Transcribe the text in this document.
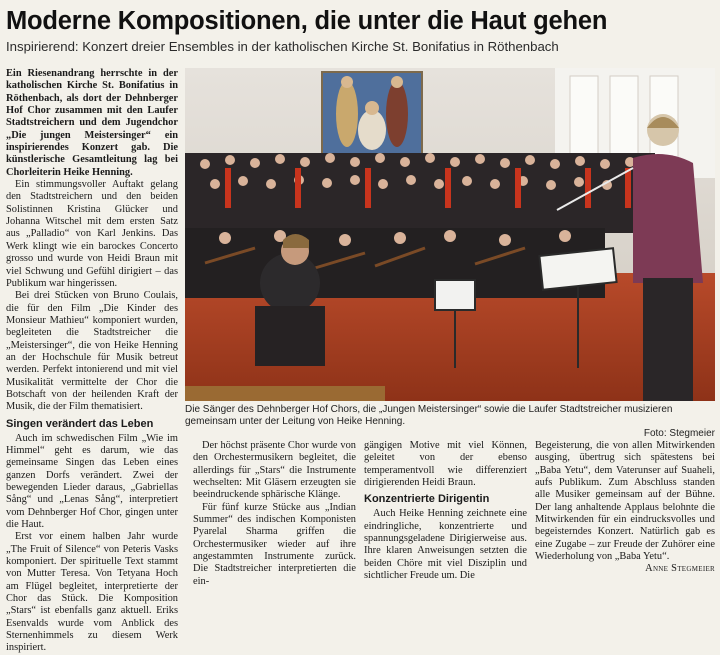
Moderne Kompositionen, die unter die Haut gehen
Inspirierend: Konzert dreier Ensembles in der katholischen Kirche St. Bonifatius in Röthenbach

Ein Riesenandrang herrschte in der katholischen Kirche St. Bonifatius in Röthenbach, als dort der Dehnberger Hof Chor zusammen mit den Laufer Stadtstreichern und dem Jugendchor „Die jungen Meistersinger“ ein inspirierendes Konzert gab. Die künstlerische Gesamtleitung lag bei Chorleiterin Heike Henning.

Ein stimmungsvoller Auftakt gelang den Stadtstreichern und den beiden Solistinnen Kristina Glücker und Johanna Witschel mit dem ersten Satz aus „Palladio“ von Karl Jenkins. Das Werk klingt wie ein barockes Concerto grosso und wurde von Heidi Braun mit viel Schwung und Gefühl dirigiert – das Publikum war hingerissen.

Bei drei Stücken von Bruno Coulais, die für den Film „Die Kinder des Monsieur Mathieu“ komponiert wurden, begleiteten die Stadtstreicher die „Meistersinger“, die von Heike Henning an der Hochschule für Musik betreut werden. Perfekt intonierend und mit viel Musikalität vermittelte der Chor die Botschaft von der heilenden Kraft der Musik, die der Film thematisiert.

Singen verändert das Leben

Auch im schwedischen Film „Wie im Himmel“ geht es darum, wie das gemeinsame Singen das Leben eines ganzen Dorfs verändert. Zwei der bewegenden Lieder daraus, „Gabriellas Sång“ und „Lenas Sång“, interpretiert vom Dehnberger Hof Chor, gingen unter die Haut.

Erst vor einem halben Jahr wurde „The Fruit of Silence“ von Peteris Vasks komponiert. Der spirituelle Text stammt von Mutter Teresa. Von Tetyana Hoch am Flügel begleitet, interpretierte der Chor das Stück. Die Komposition „Stars“ ist ebenfalls ganz aktuell. Eriks Esenvalds wurde vom Anblick des Sternenhimmels zu diesem Werk inspiriert.

Die Sänger des Dehnberger Hof Chors, die „Jungen Meistersinger“ sowie die Laufer Stadtstreicher musizieren gemeinsam unter der Leitung von Heike Henning.
Foto: Stegmeier

Der höchst präsente Chor wurde von den Orchestermusikern begleitet, die allerdings für „Stars“ die Instrumente wechselten: Mit Gläsern erzeugten sie beeindruckende sphärische Klänge.

Für fünf kurze Stücke aus „Indian Summer“ des indischen Komponisten Pyarelal Sharma griffen die Orchestermusiker wieder auf ihre angestammten Instrumente zurück. Die Stadtstreicher interpretierten die ein-

gängigen Motive mit viel Können, geleitet von der ebenso temperamentvoll wie differenziert dirigierenden Heidi Braun.

Konzentrierte Dirigentin

Auch Heike Henning zeichnete eine eindringliche, konzentrierte und spannungsgeladene Dirigierweise aus. Ihre klaren Anweisungen setzten die beiden Chöre mit viel Disziplin und sichtlicher Freude um. Die

Begeisterung, die von allen Mitwirkenden ausging, übertrug sich spätestens bei „Baba Yetu“, dem Vaterunser auf Suaheli, aufs Publikum. Zum Abschluss standen alle Musiker gemeinsam auf der Bühne. Der lang anhaltende Applaus belohnte die Mitwirkenden für ein eindrucksvolles und begeisterndes Konzert. Natürlich gab es eine Zugabe – zur Freude der Zuhörer eine Wiederholung von „Baba Yetu“.

Anne Stegmeier
